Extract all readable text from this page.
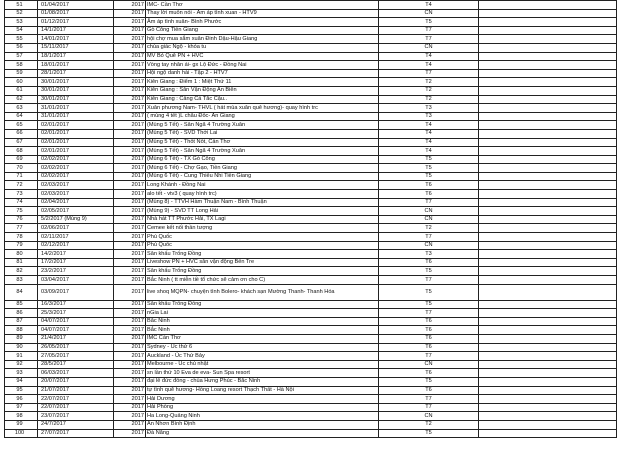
51	01/04/2017	2017	IMC- Cần Thơ	T4	
52	01/08/2017	2017	Thay lời muốn nói - Âm áp tình xuan - HTV9	CN	
53	01/12/2017	2017	Âm áp tình xuân- Bình Phước	T5	
54	14/1/2017	2017	Gò Công Tiền Giang	T7	
55	14/01/2017	2017	hội chợ mua sắm xuân Đinh Dậu-Hậu Giang	T7	
56	15/11/2017	2017	chùa giác Ngộ - khóa tu	CN	
57	18/1/2017	2017	MV Bỏ Quê PN + HVC	T4	
58	18/01/2017	2017	Vòng tay nhân ái- gx Lộ Đức - Đồng Nai	T4	
59	28/1/2017	2017	Hội ngộ danh hài - Tập 2 - HTV7	T7	
60	30/01/2017	2017	Kiên Giang : Điểm 1 : Miệt Thứ 11	T2	
61	30/01/2017	2017	Kiên Giang : Sân Vận Động An Biên	T2	
62	30/01/2017	2017	Kiên Giang : Cảng Cá Tắc Cậu..	T2	
63	31/01/2017	2017	Xuân phương Nam- THVL ( hát mùa xuân quê hương)- quay hình trc	T3	
64	31/01/2017	2017	( mùng 4 tết )L châu Đốc- An Giang	T3	
65	02/01/2017	2017	(Mùng 5 Tết) - Sân Ngã 4 Trường Xuân	T4	
66	02/01/2017	2017	(Mùng 5 Tết) - SVD Thới Lai	T4	
67	02/01/2017	2017	(Mùng 5 Tết) - Thốt Nốt, Cần Thơ	T4	
68	02/01/2017	2017	(Mùng 5 Tết) - Sân Ngã 4 Trường Xuân	T4	
69	02/02/2017	2017	(Mùng 6 Tết) - TX Gò Công	T5	
70	02/02/2017	2017	(Mùng 6 Tết) - Chợ Gạo, Tiền Giang	T5	
71	02/02/2017	2017	(Mùng 6 Tết) - Cung Thiếu Nhi Tiền Giang	T5	
72	02/03/2017	2017	Long Khánh - Đồng Nai	T6	
73	02/03/2017	2017	alo tết - vtv3 ( quay hình trc)	T6	
74	02/04/2017	2017	(Mùng 8) - TTVH Hàm Thuận Nam - Bình Thuận	T7	
75	02/05/2017	2017	(Mùng 9) - SVD TT Long Hải	CN	
76	5/2/2017 (Mùng 9)	2017	Nhà hát TT Phước Hải, TX Lagi	CN	
77	02/06/2017	2017	Cemee kết nối thần tượng	T2	
78	02/11/2017	2017	Phú Quốc	T7	
79	02/12/2017	2017	Phú Quốc	CN	
80	14/2/2017	2017	Sân khấu Trống Đồng	T3	
81	17/2/2017	2017	Liveshow PN + HVC sân vận động Bến Tre	T6	
82	23/2/2017	2017	Sân khấu Trống Đồng	T5	
83	03/04/2017	2017	Bắc Ninh ( tt miễn tiề tổ chức sẽ cảm ơn cho C)	T7	
84	03/09/2017	2017	live shoq MQPN- chuyện tình Bolero- khách sạn Mường Thanh- Thanh Hóa	T5	
85	16/3/2017	2017	Sân khấu Trống Đồng	T5	
86	25/3/2017	2017	nGia Lai	T7	
87	04/07/2017	2017	Bắc Ninh	T6	
88	04/07/2017	2017	Bắc Ninh	T6	
89	21/4/2017	2017	IMC Cần Thơ	T6	
90	26/05/2017	2017	Sydney - Úc thứ 6	T6	
91	27/05/2017	2017	Auckland - Úc Thứ Bảy	T7	
92	28/5/2017	2017	Melbourne - Úc chủ nhật	CN	
93	06/03/2017	2017	sn lần thứ 10 Eva de eva- Sun Spa resort	T6	
94	20/07/2017	2017	đại lễ đức đồng - chùa Hưng Phúc - Bắc Ninh	T5	
95	21/07/2017	2017	tự tình quê hương- Hồng Loang resort Thạch Thất - Hà Nội	T6	
96	22/07/2017	2017	Hải Dương	T7	
97	22/07/2017	2017	Hải Phòng	T7	
98	23/07/2017	2017	Ha Long-Quảng Ninh	CN	
99	24/7/2017	2017	An Nhơn Bình Định	T2	
100	27/07/2017	2017	Đà Nẵng	T5	
